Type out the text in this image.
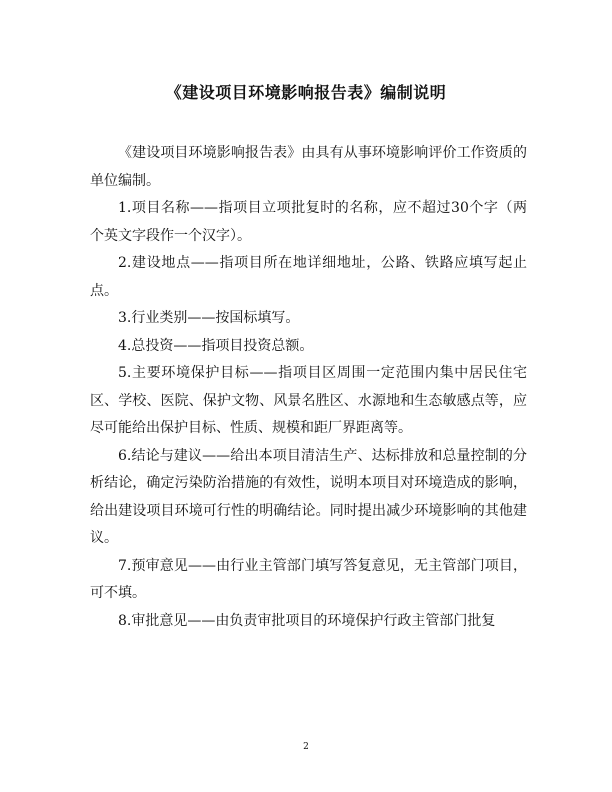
《建设项目环境影响报告表》编制说明

《建设项目环境影响报告表》由具有从事环境影响评价工作资质的单位编制。

1.项目名称——指项目立项批复时的名称，应不超过30个字（两个英文字段作一个汉字）。

2.建设地点——指项目所在地详细地址，公路、铁路应填写起止点。

3.行业类别——按国标填写。

4.总投资——指项目投资总额。

5.主要环境保护目标——指项目区周围一定范围内集中居民住宅区、学校、医院、保护文物、风景名胜区、水源地和生态敏感点等，应尽可能给出保护目标、性质、规模和距厂界距离等。

6.结论与建议——给出本项目清洁生产、达标排放和总量控制的分析结论，确定污染防治措施的有效性，说明本项目对环境造成的影响，给出建设项目环境可行性的明确结论。同时提出减少环境影响的其他建议。

7.预审意见——由行业主管部门填写答复意见，无主管部门项目，可不填。

8.审批意见——由负责审批项目的环境保护行政主管部门批复

2
